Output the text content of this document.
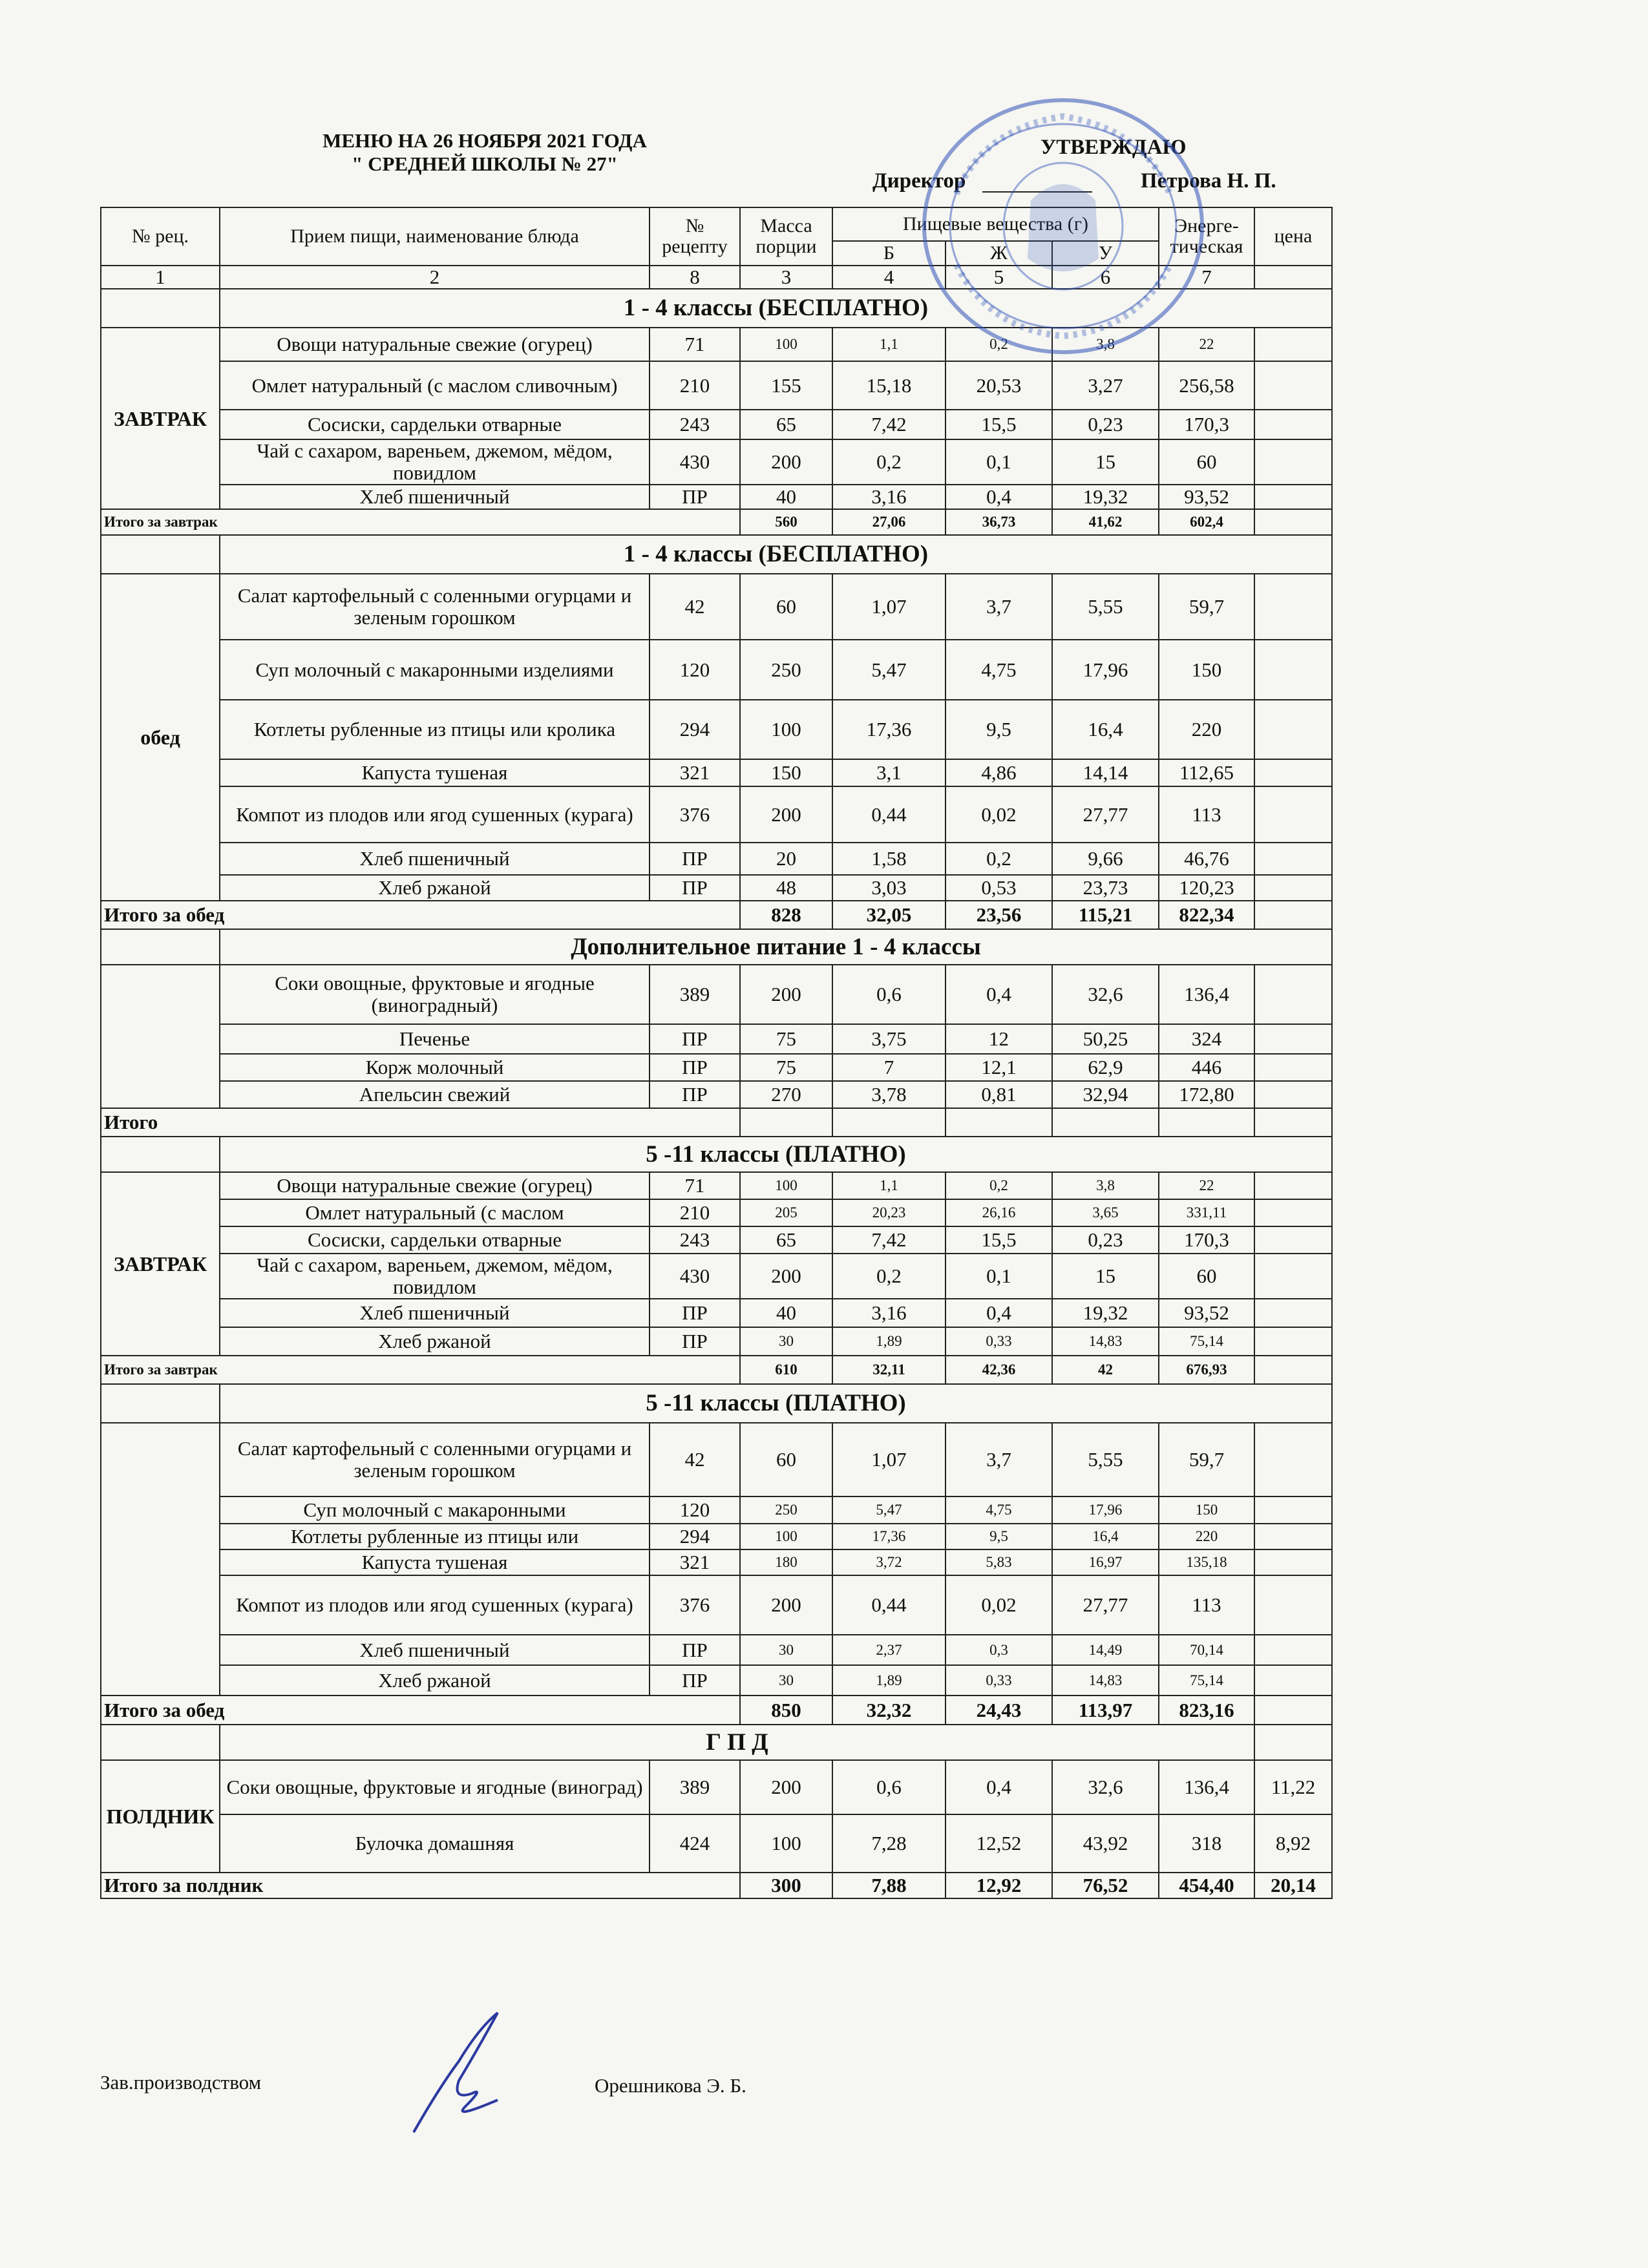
МЕНЮ НА 26 НОЯБРЯ 2021 ГОДА
" СРЕДНЕЙ ШКОЛЫ № 27"
УТВЕРЖДАЮ
Директор	Петрова Н. П.
№ рец.	Прием пищи, наименование блюда	№ рецепту	Масса порции	Пищевые вещества (г)			Энерге-тическая	цена
				Б	Ж	У		
1	2	8	3	4	5	6	7	
	1 - 4 классы (БЕСПЛАТНО)							
ЗАВТРАК	Овощи натуральные свежие (огурец)	71	100	1,1	0,2	3,8	22	
	Омлет натуральный (с маслом сливочным)	210	155	15,18	20,53	3,27	256,58	
	Сосиски, сардельки отварные	243	65	7,42	15,5	0,23	170,3	
	Чай с сахаром, вареньем, джемом, мёдом, повидлом	430	200	0,2	0,1	15	60	
	Хлеб пшеничный	ПР	40	3,16	0,4	19,32	93,52	
Итого за завтрак			560	27,06	36,73	41,62	602,4	
	1 - 4 классы (БЕСПЛАТНО)							
обед	Салат картофельный с соленными огурцами и зеленым горошком	42	60	1,07	3,7	5,55	59,7	
	Суп молочный с макаронными изделиями	120	250	5,47	4,75	17,96	150	
	Котлеты рубленные из птицы или кролика	294	100	17,36	9,5	16,4	220	
	Капуста тушеная	321	150	3,1	4,86	14,14	112,65	
	Компот из плодов или ягод сушенных (курага)	376	200	0,44	0,02	27,77	113	
	Хлеб пшеничный	ПР	20	1,58	0,2	9,66	46,76	
	Хлеб ржаной	ПР	48	3,03	0,53	23,73	120,23	
Итого за обед			828	32,05	23,56	115,21	822,34	
	Дополнительное питание 1 - 4 классы							
	Соки овощные, фруктовые и ягодные (виноградный)	389	200	0,6	0,4	32,6	136,4	
	Печенье	ПР	75	3,75	12	50,25	324	
	Корж молочный	ПР	75	7	12,1	62,9	446	
	Апельсин свежий	ПР	270	3,78	0,81	32,94	172,80	
Итого								
	5 -11 классы (ПЛАТНО)							
ЗАВТРАК	Овощи натуральные свежие (огурец)	71	100	1,1	0,2	3,8	22	
	Омлет натуральный (с маслом	210	205	20,23	26,16	3,65	331,11	
	Сосиски, сардельки отварные	243	65	7,42	15,5	0,23	170,3	
	Чай с сахаром, вареньем, джемом, мёдом, повидлом	430	200	0,2	0,1	15	60	
	Хлеб пшеничный	ПР	40	3,16	0,4	19,32	93,52	
	Хлеб ржаной	ПР	30	1,89	0,33	14,83	75,14	
Итого за завтрак			610	32,11	42,36	42	676,93	
	5 -11 классы (ПЛАТНО)							
	Салат картофельный с соленными огурцами и зеленым горошком	42	60	1,07	3,7	5,55	59,7	
	Суп молочный с макаронными	120	250	5,47	4,75	17,96	150	
	Котлеты рубленные из птицы или	294	100	17,36	9,5	16,4	220	
	Капуста тушеная	321	180	3,72	5,83	16,97	135,18	
	Компот из плодов или ягод сушенных (курага)	376	200	0,44	0,02	27,77	113	
	Хлеб пшеничный	ПР	30	2,37	0,3	14,49	70,14	
	Хлеб ржаной	ПР	30	1,89	0,33	14,83	75,14	
Итого за обед			850	32,32	24,43	113,97	823,16	
	Г П Д							
ПОЛДНИК	Соки овощные, фруктовые и ягодные (виноград)	389	200	0,6	0,4	32,6	136,4	11,22
	Булочка домашняя	424	100	7,28	12,52	43,92	318	8,92
Итого за полдник			300	7,88	12,92	76,52	454,40	20,14
Зав.производством	Орешникова Э. Б.
